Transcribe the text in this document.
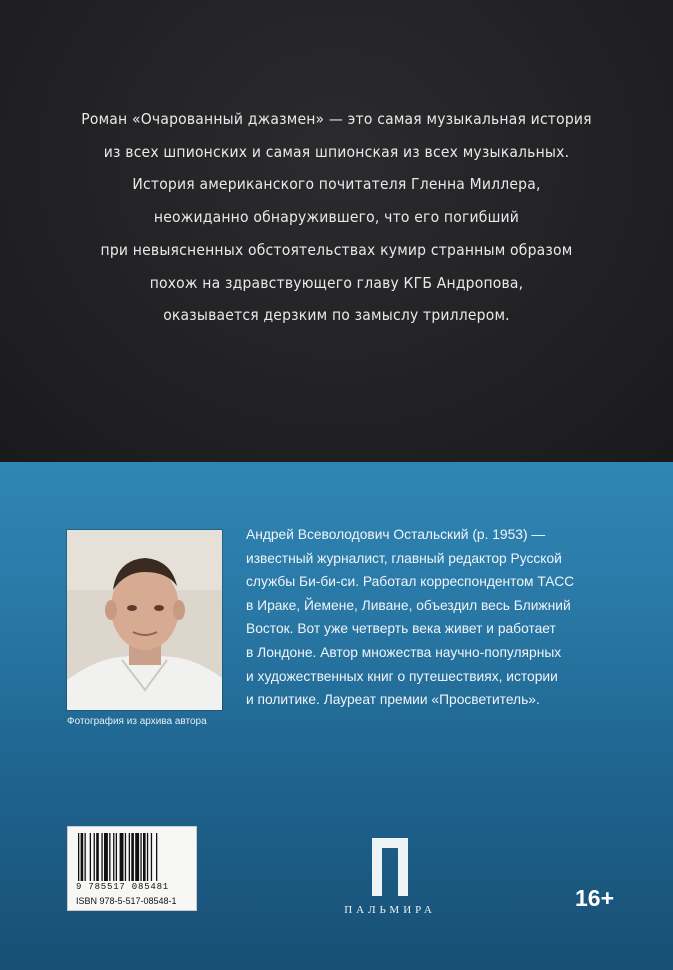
Роман «Очарованный джазмен» — это самая музыкальная история
из всех шпионских и самая шпионская из всех музыкальных.
История американского почитателя Гленна Миллера,
неожиданно обнаружившего, что его погибший
при невыясненных обстоятельствах кумир странным образом
похож на здравствующего главу КГБ Андропова,
оказывается дерзким по замыслу триллером.
Фотография из архива автора
Андрей Всеволодович Остальский (р. 1953) —
известный журналист, главный редактор Русской
службы Би-би-си. Работал корреспондентом ТАСС
в Ираке, Йемене, Ливане, объездил весь Ближний
Восток. Вот уже четверть века живет и работает
в Лондоне. Автор множества научно-популярных
и художественных книг о путешествиях, истории
и политике. Лауреат премии «Просветитель».
9 785517 085481
ISBN 978-5-517-08548-1
ПАЛЬМИРА	16+
